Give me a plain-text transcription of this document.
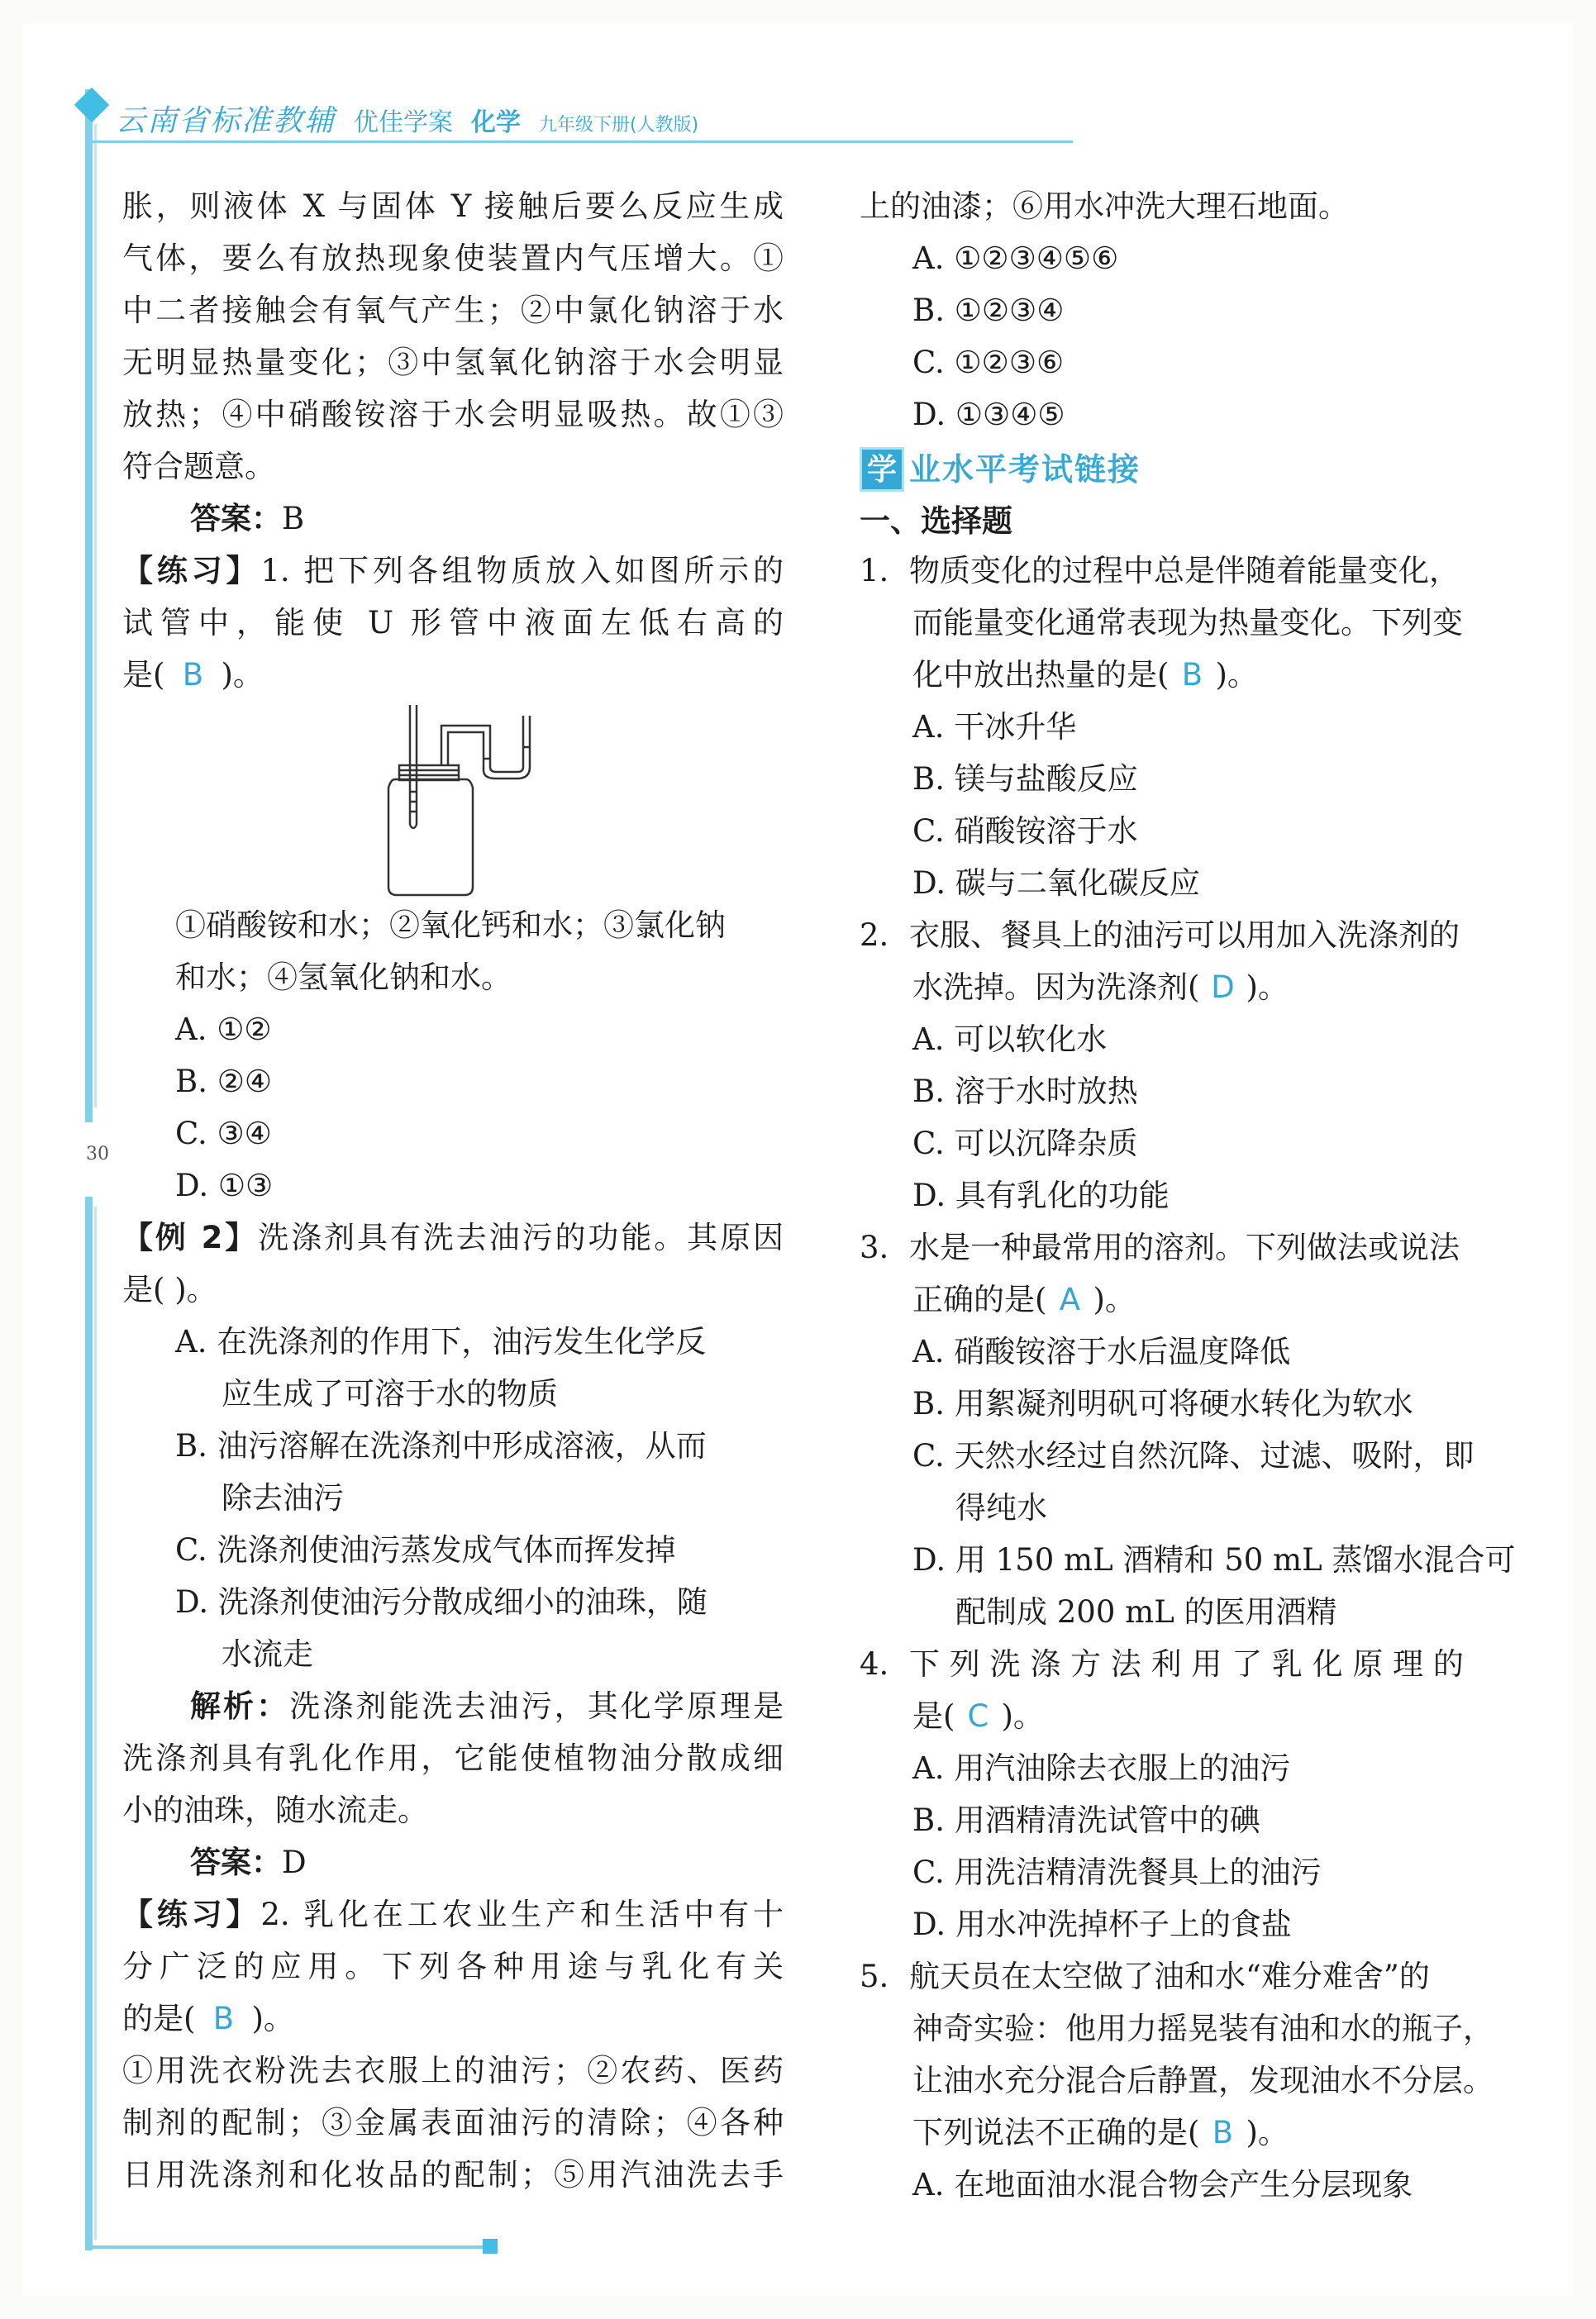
30
云南省标准教辅 优佳学案 化学 九年级下册(人教版)
胀，则液体 X 与固体 Y 接触后要么反应生成
气体，要么有放热现象使装置内气压增大。①
中二者接触会有氧气产生；②中氯化钠溶于水
无明显热量变化；③中氢氧化钠溶于水会明显
放热；④中硝酸铵溶于水会明显吸热。故①③
符合题意。
答案：B
【练习】1. 把下列各组物质放入如图所示的
试管中，能使 U 形管中液面左低右高的
是( B )。
①硝酸铵和水；②氧化钙和水；③氯化钠
和水；④氢氧化钠和水。
A. ①②
B. ②④
C. ③④
D. ①③
【例 2】洗涤剂具有洗去油污的功能。其原因
是( )。
A. 在洗涤剂的作用下，油污发生化学反
应生成了可溶于水的物质
B. 油污溶解在洗涤剂中形成溶液，从而
除去油污
C. 洗涤剂使油污蒸发成气体而挥发掉
D. 洗涤剂使油污分散成细小的油珠，随
水流走
解析：洗涤剂能洗去油污，其化学原理是
洗涤剂具有乳化作用，它能使植物油分散成细
小的油珠，随水流走。
答案：D
【练习】2. 乳化在工农业生产和生活中有十
分广泛的应用。下列各种用途与乳化有关
的是( B )。
①用洗衣粉洗去衣服上的油污；②农药、医药
制剂的配制；③金属表面油污的清除；④各种
日用洗涤剂和化妆品的配制；⑤用汽油洗去手
上的油漆；⑥用水冲洗大理石地面。
A. ①②③④⑤⑥
B. ①②③④
C. ①②③⑥
D. ①③④⑤
学 业水平考试链接
一、选择题
1. 物质变化的过程中总是伴随着能量变化，
而能量变化通常表现为热量变化。下列变
化中放出热量的是( B )。
A. 干冰升华
B. 镁与盐酸反应
C. 硝酸铵溶于水
D. 碳与二氧化碳反应
2. 衣服、餐具上的油污可以用加入洗涤剂的
水洗掉。因为洗涤剂( D )。
A. 可以软化水
B. 溶于水时放热
C. 可以沉降杂质
D. 具有乳化的功能
3. 水是一种最常用的溶剂。下列做法或说法
正确的是( A )。
A. 硝酸铵溶于水后温度降低
B. 用絮凝剂明矾可将硬水转化为软水
C. 天然水经过自然沉降、过滤、吸附，即
得纯水
D. 用 150 mL 酒精和 50 mL 蒸馏水混合可
配制成 200 mL 的医用酒精
4. 下 列 洗 涤 方 法 利 用 了 乳 化 原 理 的
是( C )。
A. 用汽油除去衣服上的油污
B. 用酒精清洗试管中的碘
C. 用洗洁精清洗餐具上的油污
D. 用水冲洗掉杯子上的食盐
5. 航天员在太空做了油和水“难分难舍”的
神奇实验：他用力摇晃装有油和水的瓶子，
让油水充分混合后静置，发现油水不分层。
下列说法不正确的是( B )。
A. 在地面油水混合物会产生分层现象
